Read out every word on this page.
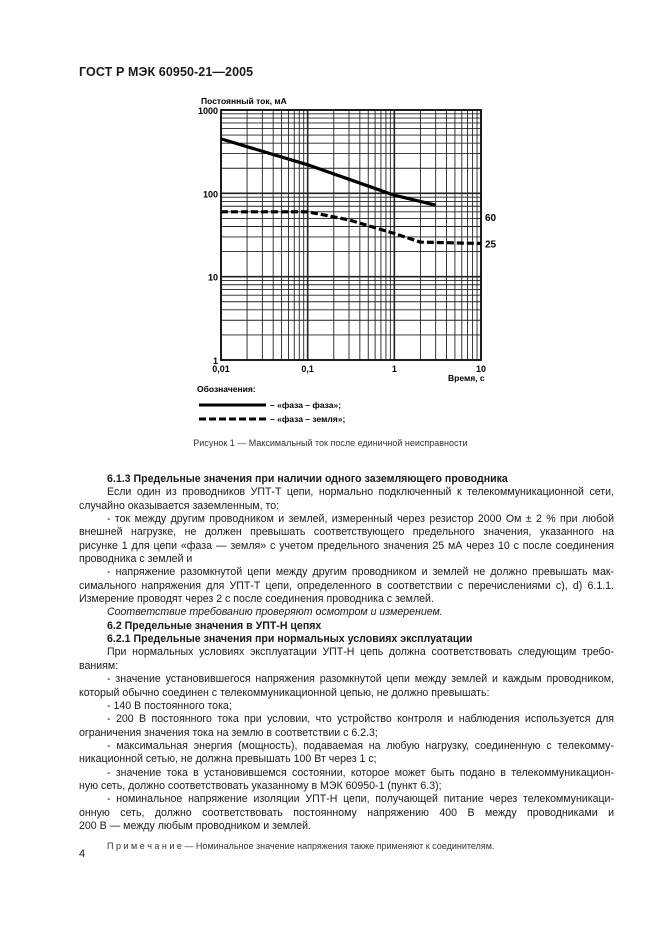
ГОСТ Р МЭК 60950-21—2005
60
25
Постоянный ток, мА
1
10
100
1000
0,01	0,1	1	10
Время, с
Обозначения:
– «фаза – фаза»;
– «фаза – земля»;
Рисунок 1 — Максимальный ток после единичной неисправности

6.1.3 Предельные значения при наличии одного заземляющего проводника

Если один из проводников УПТ-Т цепи, нормально подключенный к телекоммуникационной сети,

случайно оказывается заземленным, то:

- ток между другим проводником и землей, измеренный через резистор 2000 Ом ± 2 % при любой

внешней нагрузке, не должен превышать соответствующего предельного значения, указанного на

рисунке 1 для цепи «фаза — земля» с учетом предельного значения 25 мА через 10 с после соединения

проводника с землей и

- напряжение разомкнутой цепи между другим проводником и землей не должно превышать мак-

симального напряжения для УПТ-Т цепи, определенного в соответствии с перечислениями с), d) 6.1.1.

Измерение проводят через 2 с после соединения проводника с землей.

Соответствие требованию проверяют осмотром и измерением.

6.2 Предельные значения в УПТ-Н цепях

6.2.1 Предельные значения при нормальных условиях эксплуатации

При нормальных условиях эксплуатации УПТ-Н цепь должна соответствовать следующим требо-

ваниям:

- значение установившегося напряжения разомкнутой цепи между землей и каждым проводником,

который обычно соединен с телекоммуникационной цепью, не должно превышать:

- 140 В постоянного тока;

- 200 В постоянного тока при условии, что устройство контроля и наблюдения используется для

ограничения значения тока на землю в соответствии с 6.2.3;

- максимальная энергия (мощность), подаваемая на любую нагрузку, соединенную с телекомму-

никационной сетью, не должна превышать 100 Вт через 1 с;

- значение тока в установившемся состоянии, которое может быть подано в телекоммуникацион-

ную сеть, должно соответствовать указанному в МЭК 60950-1 (пункт 6.3);

- номинальное напряжение изоляции УПТ-Н цепи, получающей питание через телекоммуникаци-

онную сеть, должно соответствовать постоянному напряжению 400 В между проводниками и

200 В — между любым проводником и землей.

П р и м е ч а н и е — Номинальное значение напряжения также применяют к соединителям.

4
